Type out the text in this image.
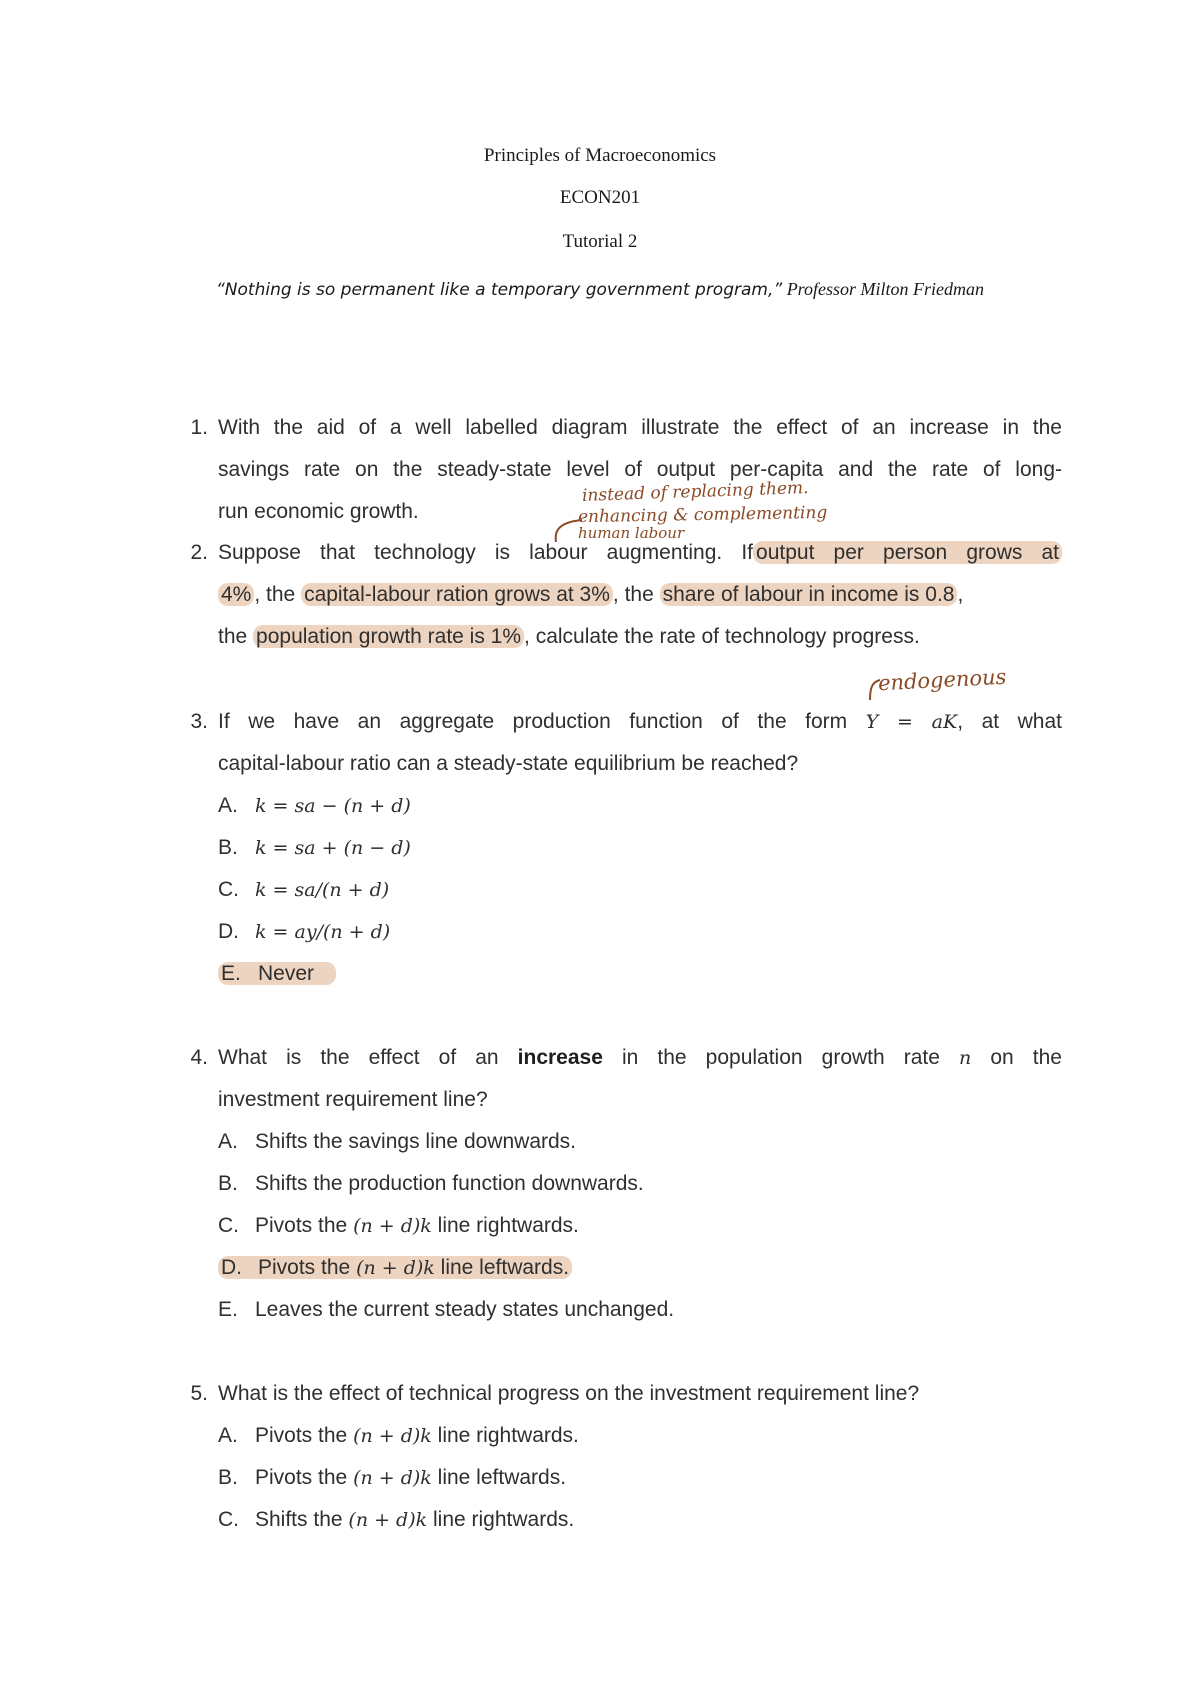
Principles of Macroeconomics
ECON201
Tutorial 2
“Nothing is so permanent like a temporary government program,” Professor Milton Friedman
1. With the aid of a well labelled diagram illustrate the effect of an increase in the
savings rate on the steady-state level of output per-capita and the rate of long-
run economic growth.
instead of replacing them.
enhancing & complementing
human labour
endogenous
2. Suppose that technology is labour augmenting. If output per person grows at
4% , the capital-labour ration grows at 3% , the share of labour in income is 0.8 ,
the population growth rate is 1% , calculate the rate of technology progress.
3. If we have an aggregate production function of the form Y = aK, at what
capital-labour ratio can a steady-state equilibrium be reached?
A. k = sa − (n + d)
B. k = sa + (n − d)
C. k = sa/(n + d)
D. k = ay/(n + d)
E. Never
4. What is the effect of an increase in the population growth rate n on the
investment requirement line?
A. Shifts the savings line downwards.
B. Shifts the production function downwards.
C. Pivots the (n + d)k line rightwards.
D. Pivots the (n + d)k line leftwards.
E. Leaves the current steady states unchanged.
5. What is the effect of technical progress on the investment requirement line?
A. Pivots the (n + d)k line rightwards.
B. Pivots the (n + d)k line leftwards.
C. Shifts the (n + d)k line rightwards.
